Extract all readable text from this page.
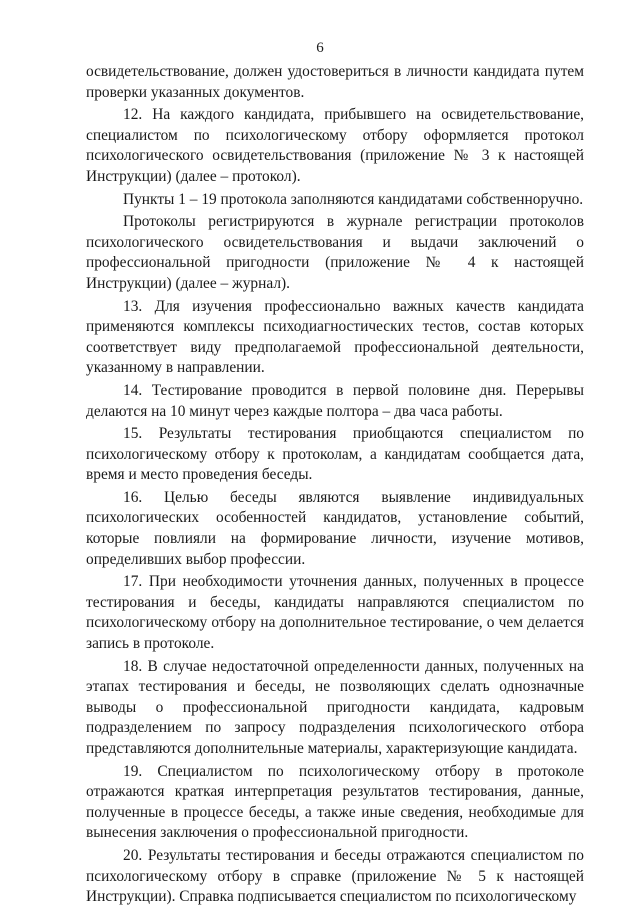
6

освидетельствование, должен удостовериться в личности кандидата путем проверки указанных документов.

12. На каждого кандидата, прибывшего на освидетельствование, специалистом по психологическому отбору оформляется протокол психологического освидетельствования (приложение № 3 к настоящей Инструкции) (далее – протокол).

Пункты 1 – 19 протокола заполняются кандидатами собственноручно.

Протоколы регистрируются в журнале регистрации протоколов психологического освидетельствования и выдачи заключений о профессиональной пригодности (приложение № 4 к настоящей Инструкции) (далее – журнал).

13. Для изучения профессионально важных качеств кандидата применяются комплексы психодиагностических тестов, состав которых соответствует виду предполагаемой профессиональной деятельности, указанному в направлении.

14. Тестирование проводится в первой половине дня. Перерывы делаются на 10 минут через каждые полтора – два часа работы.

15. Результаты тестирования приобщаются специалистом по психологическому отбору к протоколам, а кандидатам сообщается дата, время и место проведения беседы.

16. Целью беседы являются выявление индивидуальных психологических особенностей кандидатов, установление событий, которые повлияли на формирование личности, изучение мотивов, определивших выбор профессии.

17. При необходимости уточнения данных, полученных в процессе тестирования и беседы, кандидаты направляются специалистом по психологическому отбору на дополнительное тестирование, о чем делается запись в протоколе.

18. В случае недостаточной определенности данных, полученных на этапах тестирования и беседы, не позволяющих сделать однозначные выводы о профессиональной пригодности кандидата, кадровым подразделением по запросу подразделения психологического отбора представляются дополнительные материалы, характеризующие кандидата.

19. Специалистом по психологическому отбору в протоколе отражаются краткая интерпретация результатов тестирования, данные, полученные в процессе беседы, а также иные сведения, необходимые для вынесения заключения о профессиональной пригодности.

20. Результаты тестирования и беседы отражаются специалистом по психологическому отбору в справке (приложение № 5 к настоящей Инструкции). Справка подписывается специалистом по психологическому
